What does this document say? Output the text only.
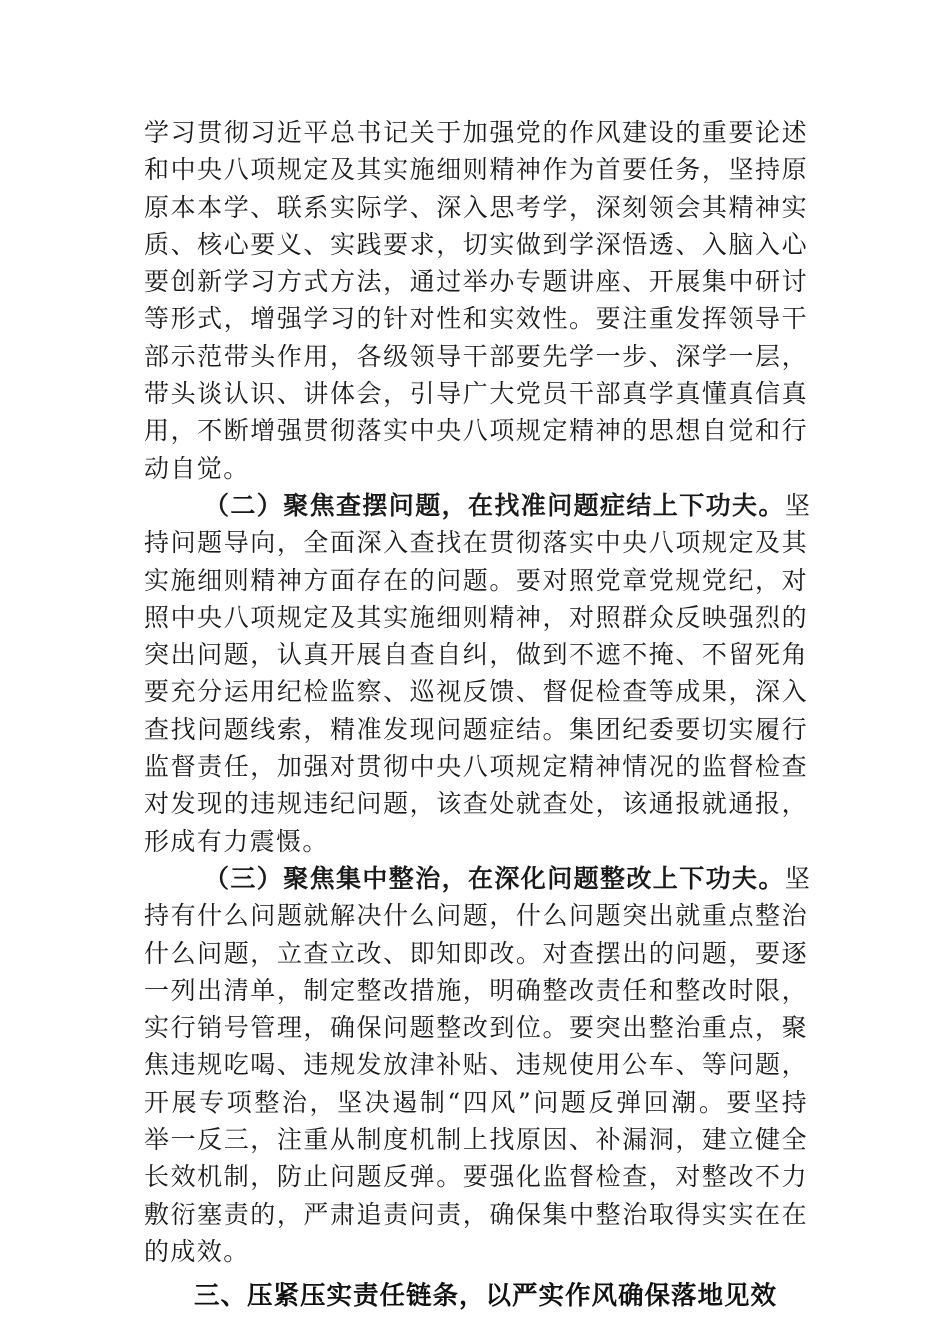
学习贯彻习近平总书记关于加强党的作风建设的重要论述
和中央八项规定及其实施细则精神作为首要任务，坚持原
原本本学、联系实际学、深入思考学，深刻领会其精神实
质、核心要义、实践要求，切实做到学深悟透、入脑入心
要创新学习方式方法，通过举办专题讲座、开展集中研讨
等形式，增强学习的针对性和实效性。要注重发挥领导干
部示范带头作用，各级领导干部要先学一步、深学一层，
带头谈认识、讲体会，引导广大党员干部真学真懂真信真
用，不断增强贯彻落实中央八项规定精神的思想自觉和行
动自觉。
（二）聚焦查摆问题，在找准问题症结上下功夫。坚
持问题导向，全面深入查找在贯彻落实中央八项规定及其
实施细则精神方面存在的问题。要对照党章党规党纪，对
照中央八项规定及其实施细则精神，对照群众反映强烈的
突出问题，认真开展自查自纠，做到不遮不掩、不留死角
要充分运用纪检监察、巡视反馈、督促检查等成果，深入
查找问题线索，精准发现问题症结。集团纪委要切实履行
监督责任，加强对贯彻中央八项规定精神情况的监督检查
对发现的违规违纪问题，该查处就查处，该通报就通报，
形成有力震慑。
（三）聚焦集中整治，在深化问题整改上下功夫。坚
持有什么问题就解决什么问题，什么问题突出就重点整治
什么问题，立查立改、即知即改。对查摆出的问题，要逐
一列出清单，制定整改措施，明确整改责任和整改时限，
实行销号管理，确保问题整改到位。要突出整治重点，聚
焦违规吃喝、违规发放津补贴、违规使用公车、等问题，
开展专项整治，坚决遏制“四风”问题反弹回潮。要坚持
举一反三，注重从制度机制上找原因、补漏洞，建立健全
长效机制，防止问题反弹。要强化监督检查，对整改不力
敷衍塞责的，严肃追责问责，确保集中整治取得实实在在
的成效。
三、压紧压实责任链条，以严实作风确保落地见效
